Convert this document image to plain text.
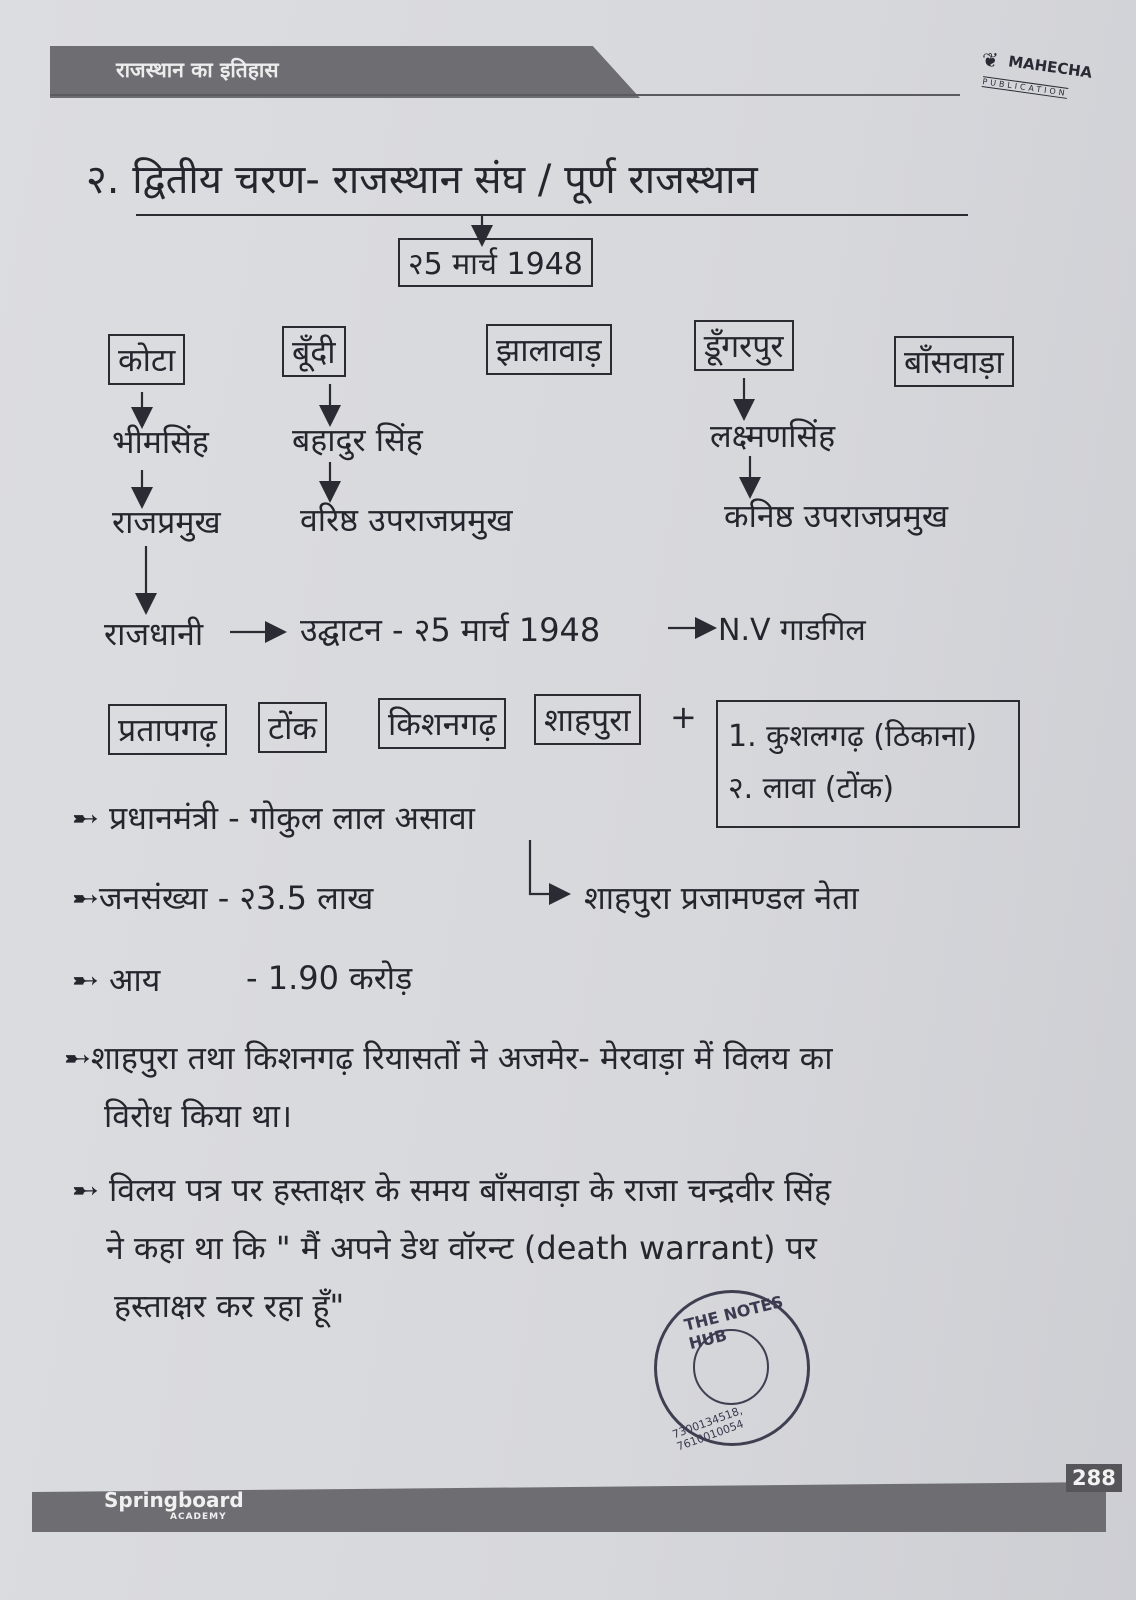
राजस्थान का इतिहास	❦ MAHECHA
PUBLICATION
२. द्वितीय चरण- राजस्थान संघ / पूर्ण राजस्थान
२5 मार्च 1948
कोटा	बूँदी	झालावाड़	डूँगरपुर	बाँसवाड़ा
भीमसिंह	बहादुर सिंह	लक्ष्मणसिंह
राजप्रमुख वरिष्ठ उपराजप्रमुख	कनिष्ठ उपराजप्रमुख
राजधानी	उद्घाटन - २5 मार्च 1948	N.V गाडगिल
प्रतापगढ़	टोंक	किशनगढ़	शाहपुरा	+
1. कुशलगढ़ (ठिकाना)
२. लावा (टोंक)
➸ प्रधानमंत्री - गोकुल लाल असावा
➸जनसंख्या - २3.5 लाख	शाहपुरा प्रजामण्डल नेता
➸ आय	- 1.90 करोड़
➸शाहपुरा तथा किशनगढ़ रियासतों ने अजमेर- मेरवाड़ा में विलय का
विरोध किया था।
➸ विलय पत्र पर हस्ताक्षर के समय बाँसवाड़ा के राजा चन्द्रवीर सिंह
ने कहा था कि " मैं अपने डेथ वॉरन्ट (death warrant) पर
हस्ताक्षर कर रहा हूँ"	THE NOTES HUB
7300134518, 7610010054
Springboard
ACADEMY
288
